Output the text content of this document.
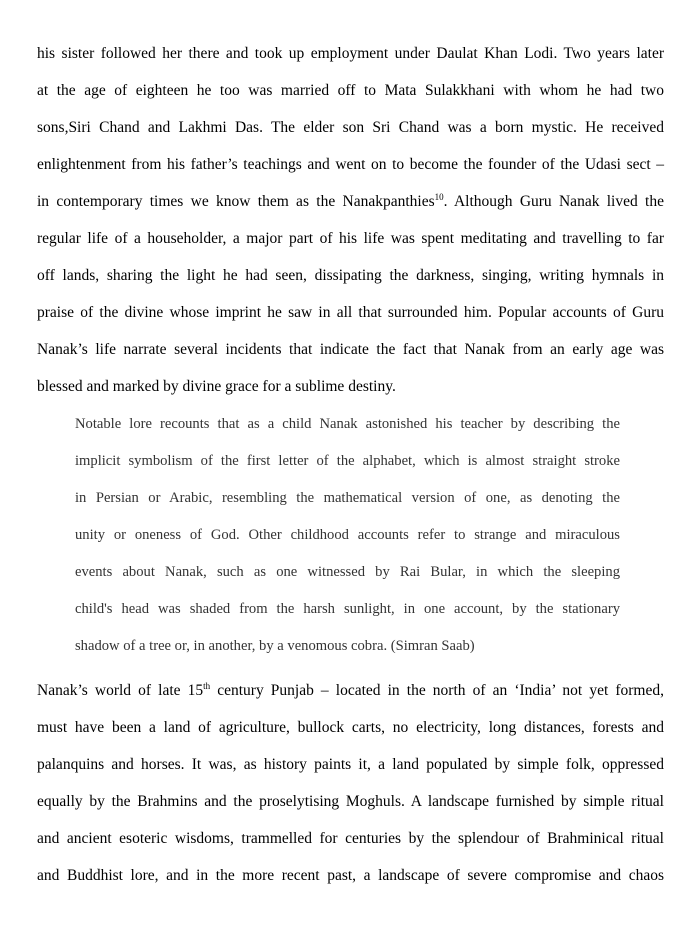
his sister followed her there and took up employment under Daulat Khan Lodi. Two years later
at the age of eighteen he too was married off to Mata Sulakkhani with whom he had two
sons,Siri Chand and Lakhmi Das. The elder son Sri Chand was a born mystic. He received
enlightenment from his father’s teachings and went on to become the founder of the Udasi sect –
in contemporary times we know them as the Nanakpanthies$^{10}$. Although Guru Nanak lived the
regular life of a householder, a major part of his life was spent meditating and travelling to far
off lands, sharing the light he had seen, dissipating the darkness, singing, writing hymnals in
praise of the divine whose imprint he saw in all that surrounded him. Popular accounts of Guru
Nanak’s life narrate several incidents that indicate the fact that Nanak from an early age was
blessed and marked by divine grace for a sublime destiny.
Notable lore recounts that as a child Nanak astonished his teacher by describing the
implicit symbolism of the first letter of the alphabet, which is almost straight stroke
in Persian or Arabic, resembling the mathematical version of one, as denoting the
unity or oneness of God. Other childhood accounts refer to strange and miraculous
events about Nanak, such as one witnessed by Rai Bular, in which the sleeping
child's head was shaded from the harsh sunlight, in one account, by the stationary
shadow of a tree or, in another, by a venomous cobra. (Simran Saab)
Nanak’s world of late 15th century Punjab – located in the north of an ‘India’ not yet formed,
must have been a land of agriculture, bullock carts, no electricity, long distances, forests and
palanquins and horses. It was, as history paints it, a land populated by simple folk, oppressed
equally by the Brahmins and the proselytising Moghuls. A landscape furnished by simple ritual
and ancient esoteric wisdoms, trammelled for centuries by the splendour of Brahminical ritual
and Buddhist lore, and in the more recent past, a landscape of severe compromise and chaos
